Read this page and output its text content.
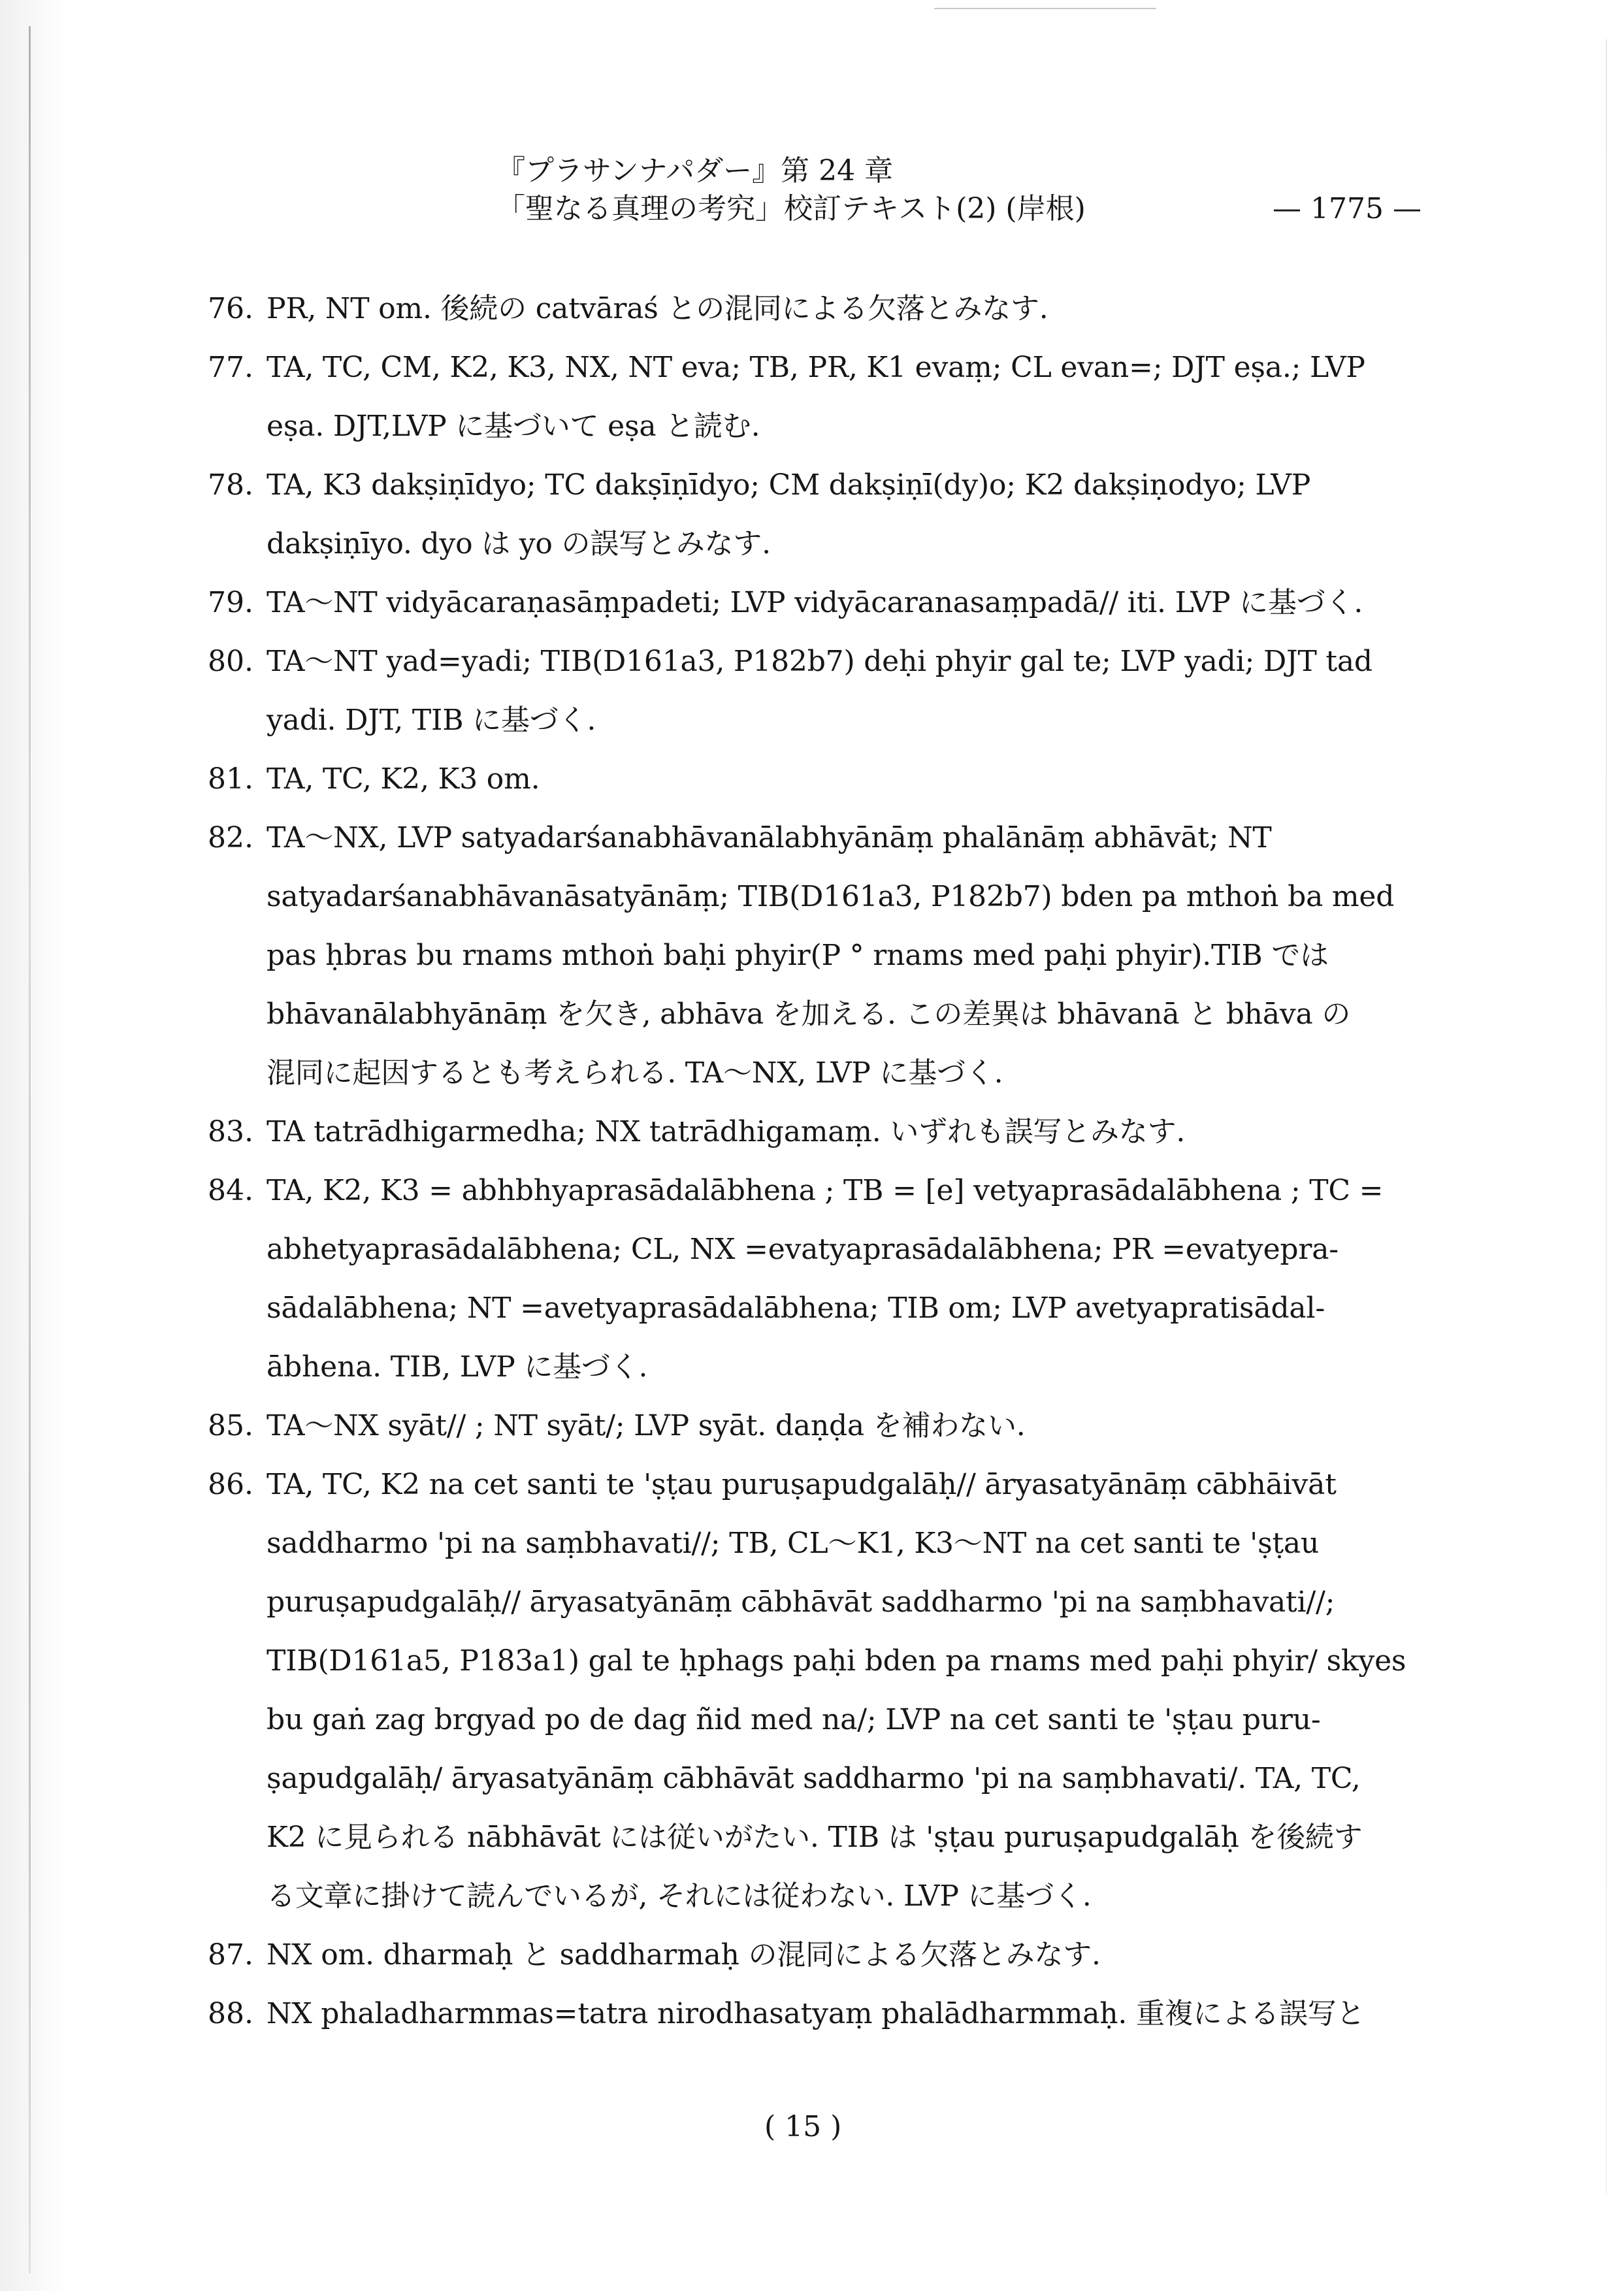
『プラサンナパダー』第 24 章
「聖なる真理の考究」校訂テキスト(2) (岸根)	— 1775 —
76. PR, NT om. 後続の catvāraś との混同による欠落とみなす.
77. TA, TC, CM, K2, K3, NX, NT eva; TB, PR, K1 evaṃ; CL evan=; DJT eṣa.; LVP
eṣa. DJT,LVP に基づいて eṣa と読む.
78. TA, K3 dakṣiṇīdyo; TC dakṣīṇīdyo; CM dakṣiṇī(dy)o; K2 dakṣiṇodyo; LVP
dakṣiṇīyo. dyo は yo の誤写とみなす.
79. TA～NT vidyācaraṇasāṃpadeti; LVP vidyācaranasaṃpadā// iti. LVP に基づく.
80. TA～NT yad=yadi; TIB(D161a3, P182b7) deḥi phyir gal te; LVP yadi; DJT tad
yadi. DJT, TIB に基づく.
81. TA, TC, K2, K3 om.
82. TA～NX, LVP satyadarśanabhāvanālabhyānāṃ phalānāṃ abhāvāt; NT
satyadarśanabhāvanāsatyānāṃ; TIB(D161a3, P182b7) bden pa mthoṅ ba med
pas ḥbras bu rnams mthoṅ baḥi phyir(P ° rnams med paḥi phyir).TIB では
bhāvanālabhyānāṃ を欠き, abhāva を加える. この差異は bhāvanā と bhāva の
混同に起因するとも考えられる. TA～NX, LVP に基づく.
83. TA tatrādhigarmedha; NX tatrādhigamaṃ. いずれも誤写とみなす.
84. TA, K2, K3 = abhbhyaprasādalābhena ; TB = [e] vetyaprasādalābhena ; TC =
abhetyaprasādalābhena; CL, NX =evatyaprasādalābhena; PR =evatyepra-
sādalābhena; NT =avetyaprasādalābhena; TIB om; LVP avetyapratisādal-
ābhena. TIB, LVP に基づく.
85. TA～NX syāt// ; NT syāt/; LVP syāt. daṇḍa を補わない.
86. TA, TC, K2 na cet santi te 'ṣṭau puruṣapudgalāḥ// āryasatyānāṃ cābhāivāt
saddharmo 'pi na saṃbhavati//; TB, CL～K1, K3～NT na cet santi te 'ṣṭau
puruṣapudgalāḥ// āryasatyānāṃ cābhāvāt saddharmo 'pi na saṃbhavati//;
TIB(D161a5, P183a1) gal te ḥphags paḥi bden pa rnams med paḥi phyir/ skyes
bu gaṅ zag brgyad po de dag ñid med na/; LVP na cet santi te 'ṣṭau puru-
ṣapudgalāḥ/ āryasatyānāṃ cābhāvāt saddharmo 'pi na saṃbhavati/. TA, TC,
K2 に見られる nābhāvāt には従いがたい. TIB は 'ṣṭau puruṣapudgalāḥ を後続す
る文章に掛けて読んでいるが, それには従わない. LVP に基づく.
87. NX om. dharmaḥ と saddharmaḥ の混同による欠落とみなす.
88. NX phaladharmmas=tatra nirodhasatyaṃ phalādharmmaḥ. 重複による誤写と
( 15 )
